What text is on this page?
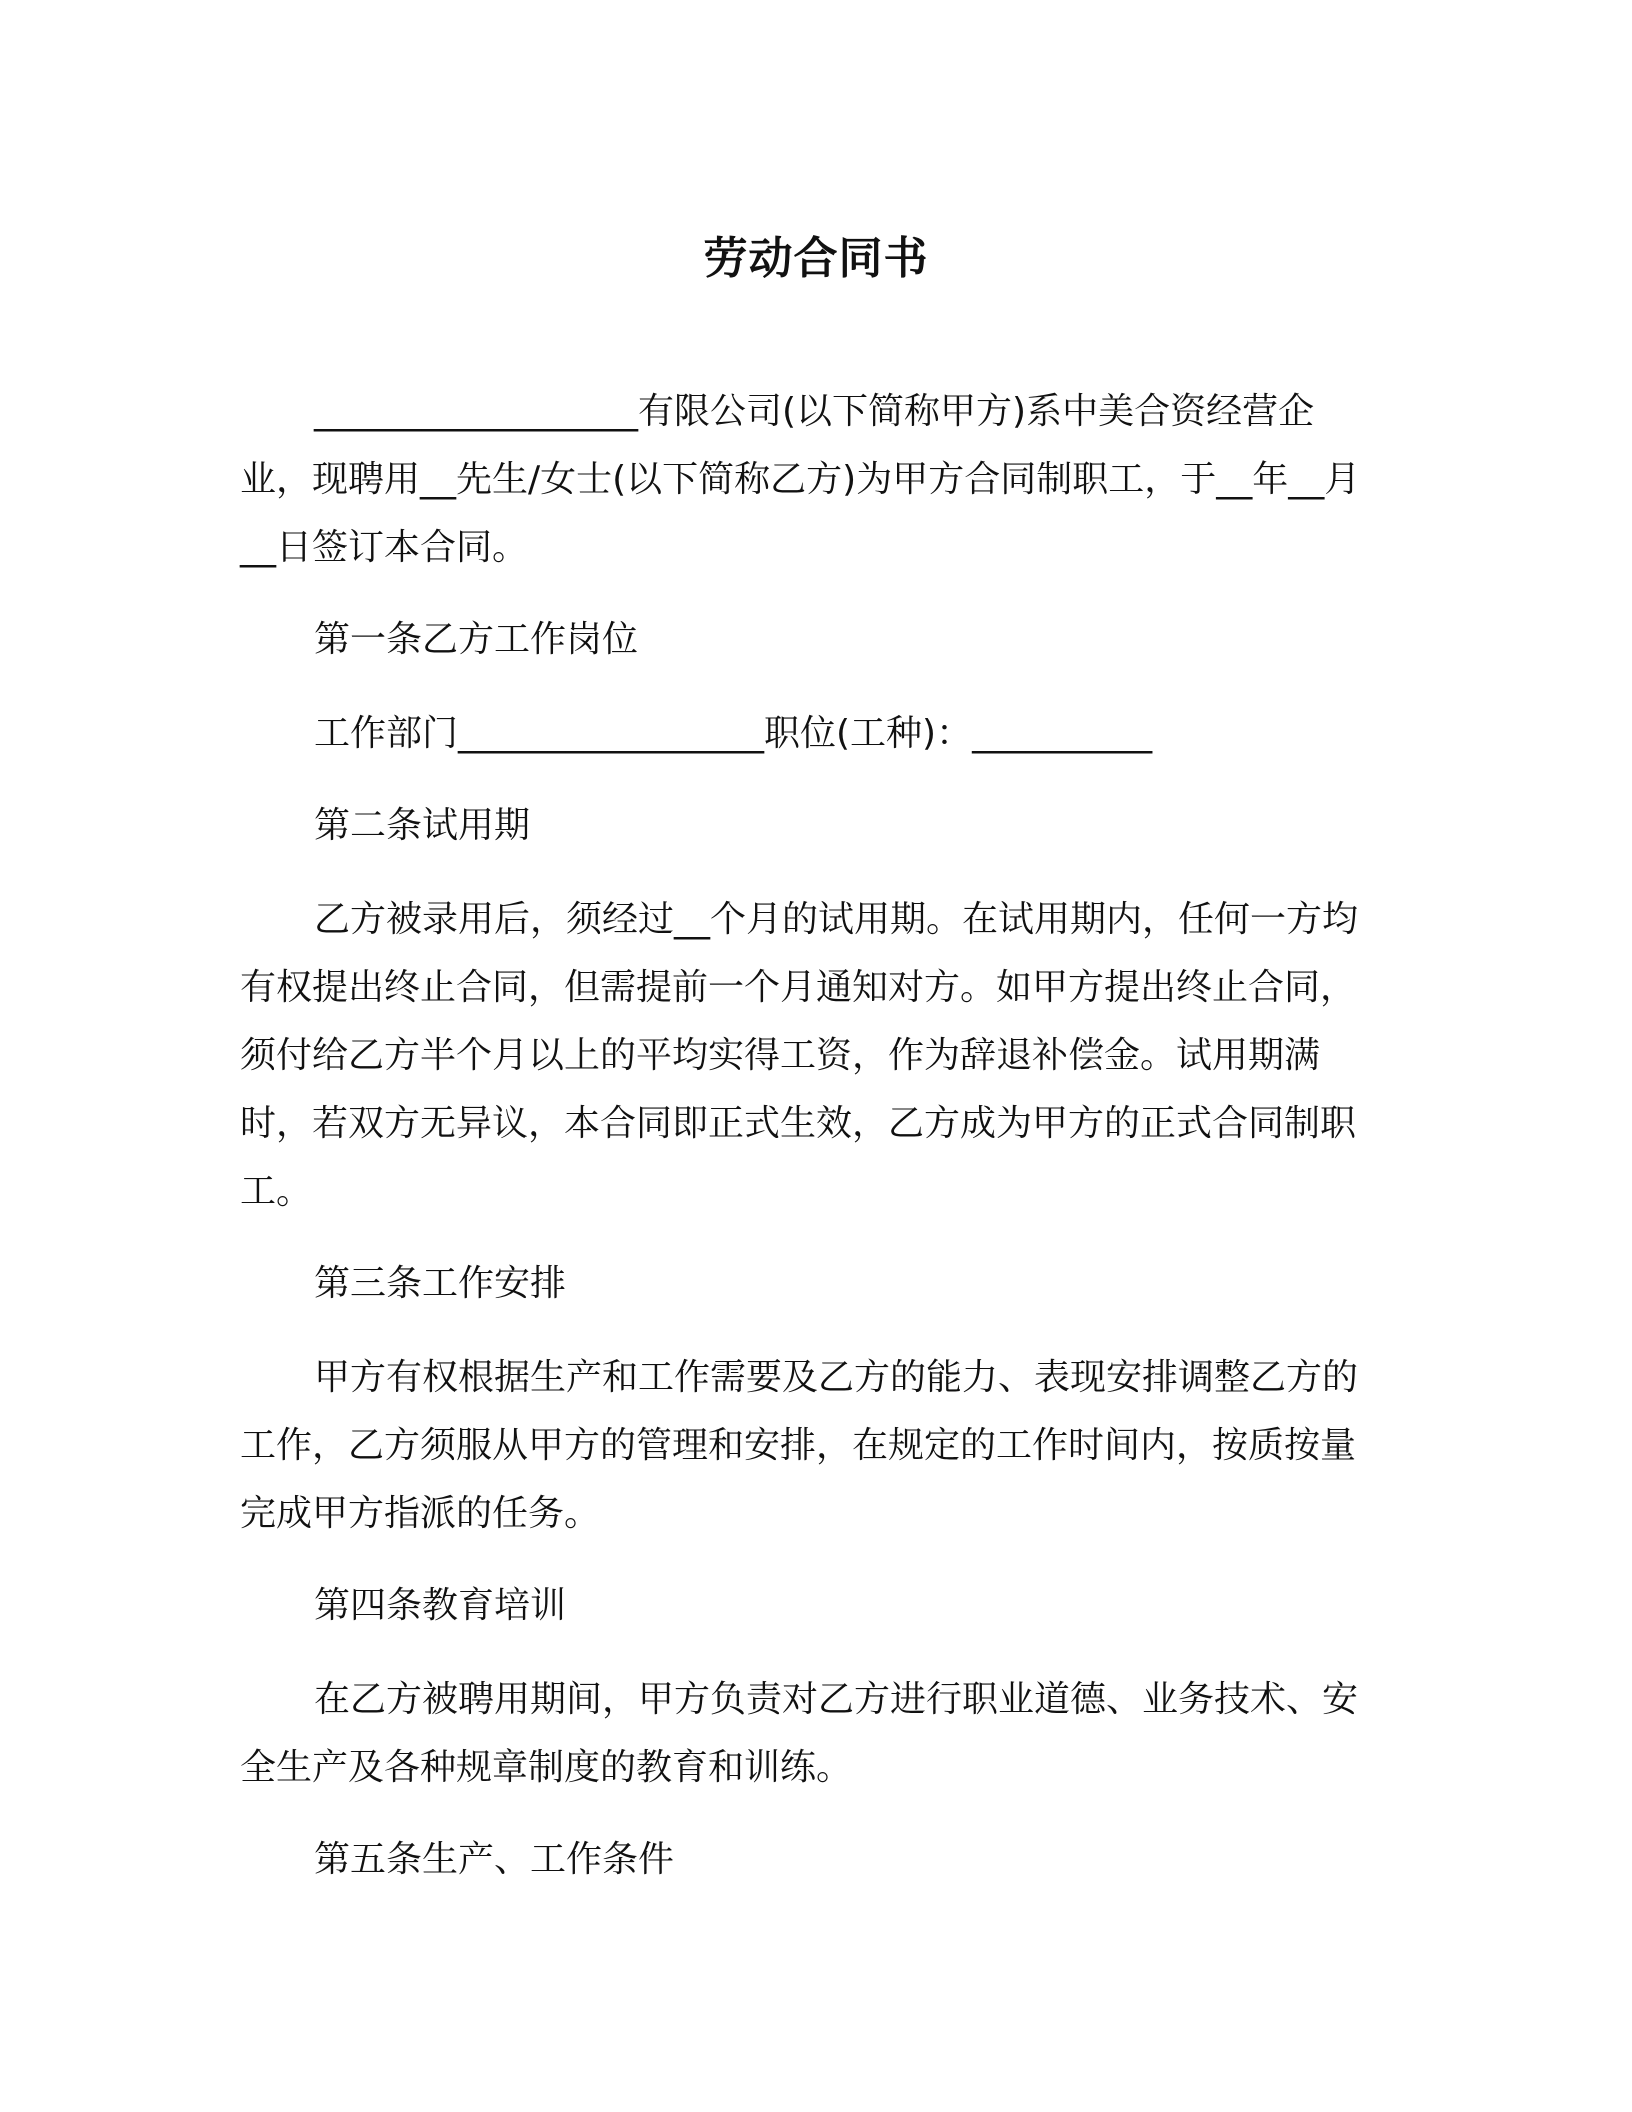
劳动合同书

__________________有限公司(以下简称甲方)系中美合资经营企业，现聘用__先生/女士(以下简称乙方)为甲方合同制职工，于__年__月__日签订本合同。

第一条乙方工作岗位

工作部门_________________职位(工种)：__________

第二条试用期

乙方被录用后，须经过__个月的试用期。在试用期内，任何一方均有权提出终止合同，但需提前一个月通知对方。如甲方提出终止合同，须付给乙方半个月以上的平均实得工资，作为辞退补偿金。试用期满时，若双方无异议，本合同即正式生效，乙方成为甲方的正式合同制职工。

第三条工作安排

甲方有权根据生产和工作需要及乙方的能力、表现安排调整乙方的工作，乙方须服从甲方的管理和安排，在规定的工作时间内，按质按量完成甲方指派的任务。

第四条教育培训

在乙方被聘用期间，甲方负责对乙方进行职业道德、业务技术、安全生产及各种规章制度的教育和训练。

第五条生产、工作条件
